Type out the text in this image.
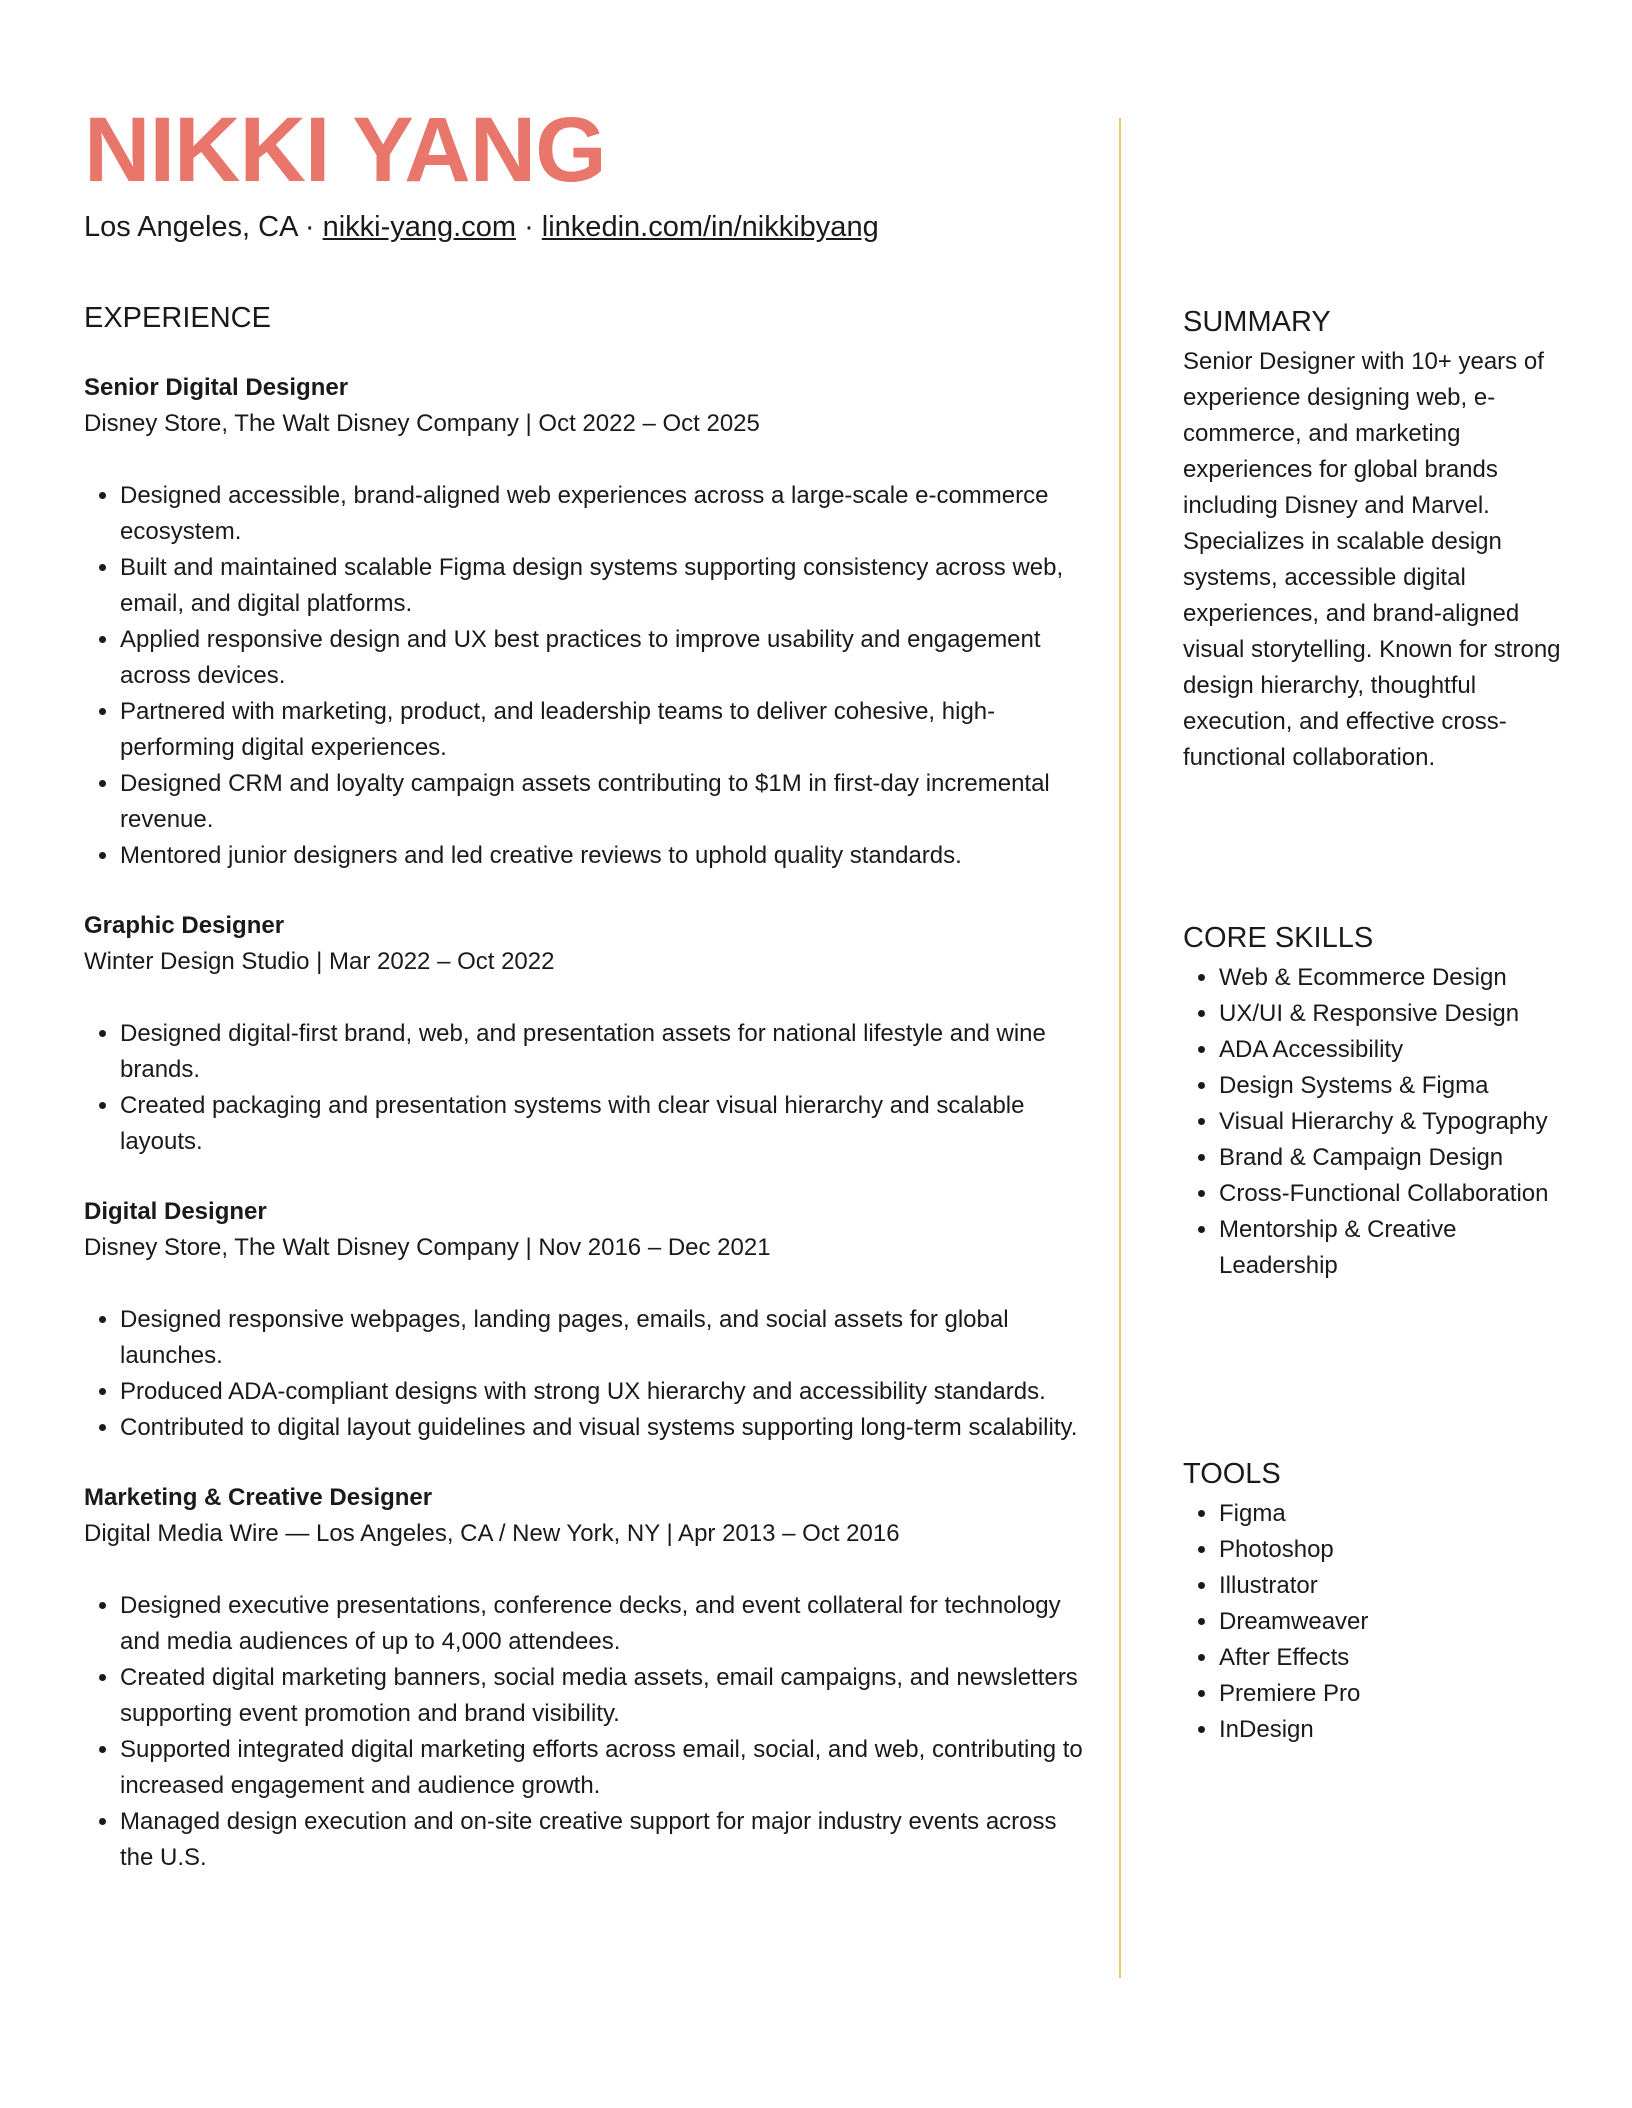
NIKKI YANG
Los Angeles, CA · nikki-yang.com · linkedin.com/in/nikkibyang
EXPERIENCE

Senior Digital Designer

Disney Store, The Walt Disney Company | Oct 2022 – Oct 2025

• Designed accessible, brand-aligned web experiences across a large-scale e-commerce ecosystem.
• Built and maintained scalable Figma design systems supporting consistency across web, email, and digital platforms.
• Applied responsive design and UX best practices to improve usability and engagement across devices.
• Partnered with marketing, product, and leadership teams to deliver cohesive, high-performing digital experiences.
• Designed CRM and loyalty campaign assets contributing to $1M in first-day incremental revenue.
• Mentored junior designers and led creative reviews to uphold quality standards.

Graphic Designer

Winter Design Studio | Mar 2022 – Oct 2022

• Designed digital-first brand, web, and presentation assets for national lifestyle and wine brands.
• Created packaging and presentation systems with clear visual hierarchy and scalable layouts.

Digital Designer

Disney Store, The Walt Disney Company | Nov 2016 – Dec 2021

• Designed responsive webpages, landing pages, emails, and social assets for global launches.
• Produced ADA-compliant designs with strong UX hierarchy and accessibility standards.
• Contributed to digital layout guidelines and visual systems supporting long-term scalability.

Marketing & Creative Designer

Digital Media Wire — Los Angeles, CA / New York, NY | Apr 2013 – Oct 2016

• Designed executive presentations, conference decks, and event collateral for technology and media audiences of up to 4,000 attendees.
• Created digital marketing banners, social media assets, email campaigns, and newsletters supporting event promotion and brand visibility.
• Supported integrated digital marketing efforts across email, social, and web, contributing to increased engagement and audience growth.
• Managed design execution and on-site creative support for major industry events across the U.S.
SUMMARY

Senior Designer with 10+ years of experience designing web, e-commerce, and marketing experiences for global brands including Disney and Marvel. Specializes in scalable design systems, accessible digital experiences, and brand-aligned visual storytelling. Known for strong design hierarchy, thoughtful execution, and effective cross-functional collaboration.

CORE SKILLS
• Web & Ecommerce Design
• UX/UI & Responsive Design
• ADA Accessibility
• Design Systems & Figma
• Visual Hierarchy & Typography
• Brand & Campaign Design
• Cross-Functional Collaboration
• Mentorship & Creative Leadership
TOOLS
• Figma
• Photoshop
• Illustrator
• Dreamweaver
• After Effects
• Premiere Pro
• InDesign
